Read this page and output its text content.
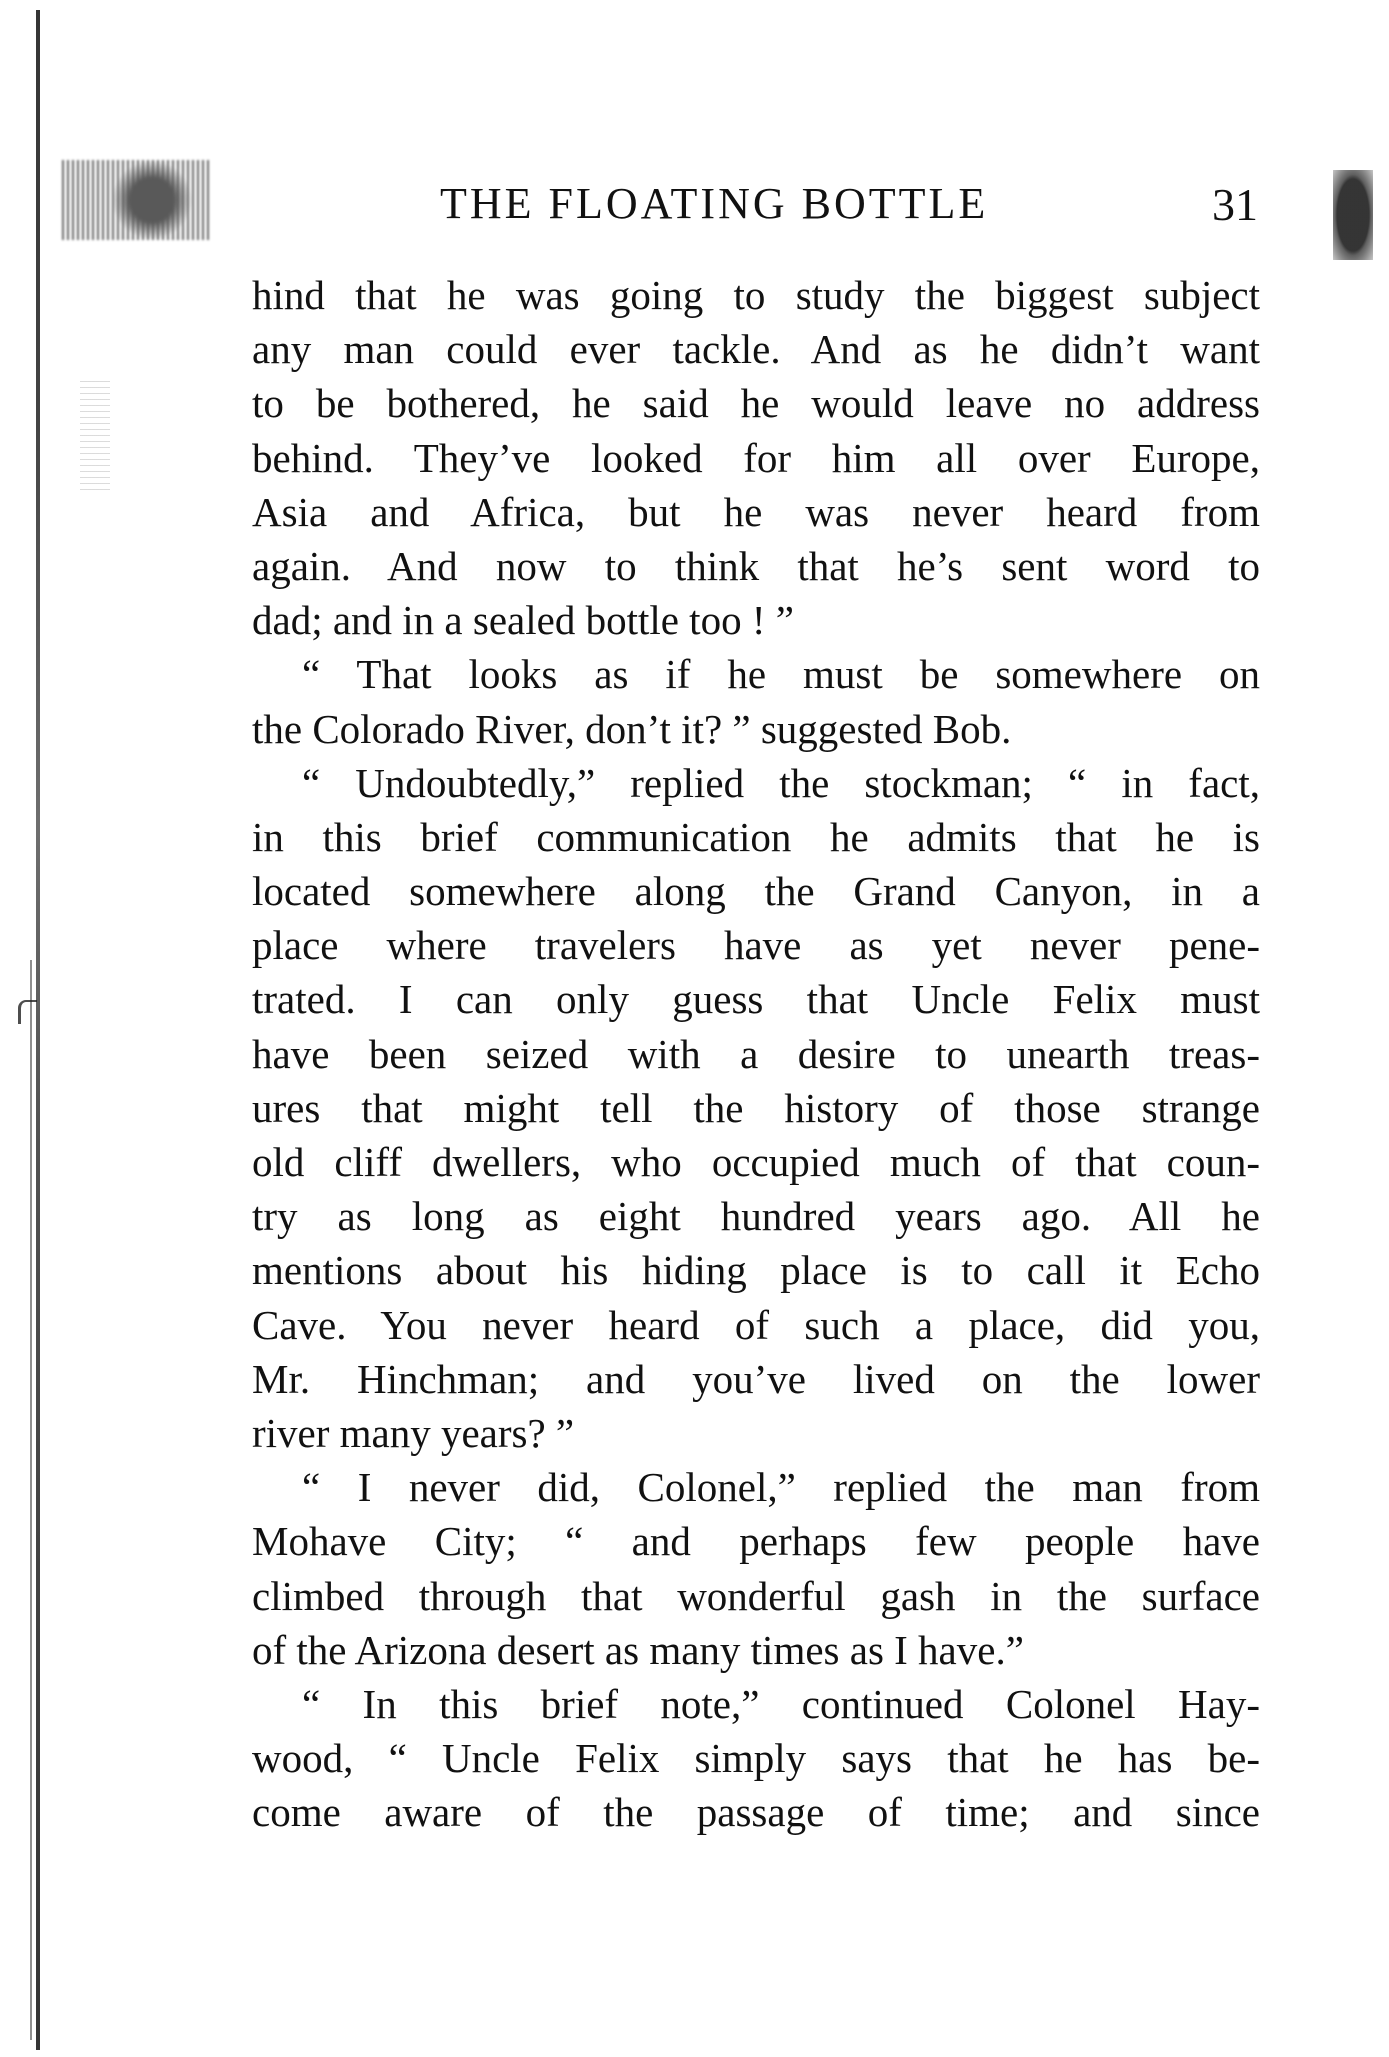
THE FLOATING BOTTLE	31
hind that he was going to study the biggest subject
any man could ever tackle. And as he didn’t want
to be bothered, he said he would leave no address
behind. They’ve looked for him all over Europe,
Asia and Africa, but he was never heard from
again. And now to think that he’s sent word to
dad; and in a sealed bottle too ! ”
“ That looks as if he must be somewhere on
the Colorado River, don’t it? ” suggested Bob.
“ Undoubtedly,” replied the stockman; “ in fact,
in this brief communication he admits that he is
located somewhere along the Grand Canyon, in a
place where travelers have as yet never pene-
trated. I can only guess that Uncle Felix must
have been seized with a desire to unearth treas-
ures that might tell the history of those strange
old cliff dwellers, who occupied much of that coun-
try as long as eight hundred years ago. All he
mentions about his hiding place is to call it Echo
Cave. You never heard of such a place, did you,
Mr. Hinchman; and you’ve lived on the lower
river many years? ”
“ I never did, Colonel,” replied the man from
Mohave City; “ and perhaps few people have
climbed through that wonderful gash in the surface
of the Arizona desert as many times as I have.”
“ In this brief note,” continued Colonel Hay-
wood, “ Uncle Felix simply says that he has be-
come aware of the passage of time; and since
